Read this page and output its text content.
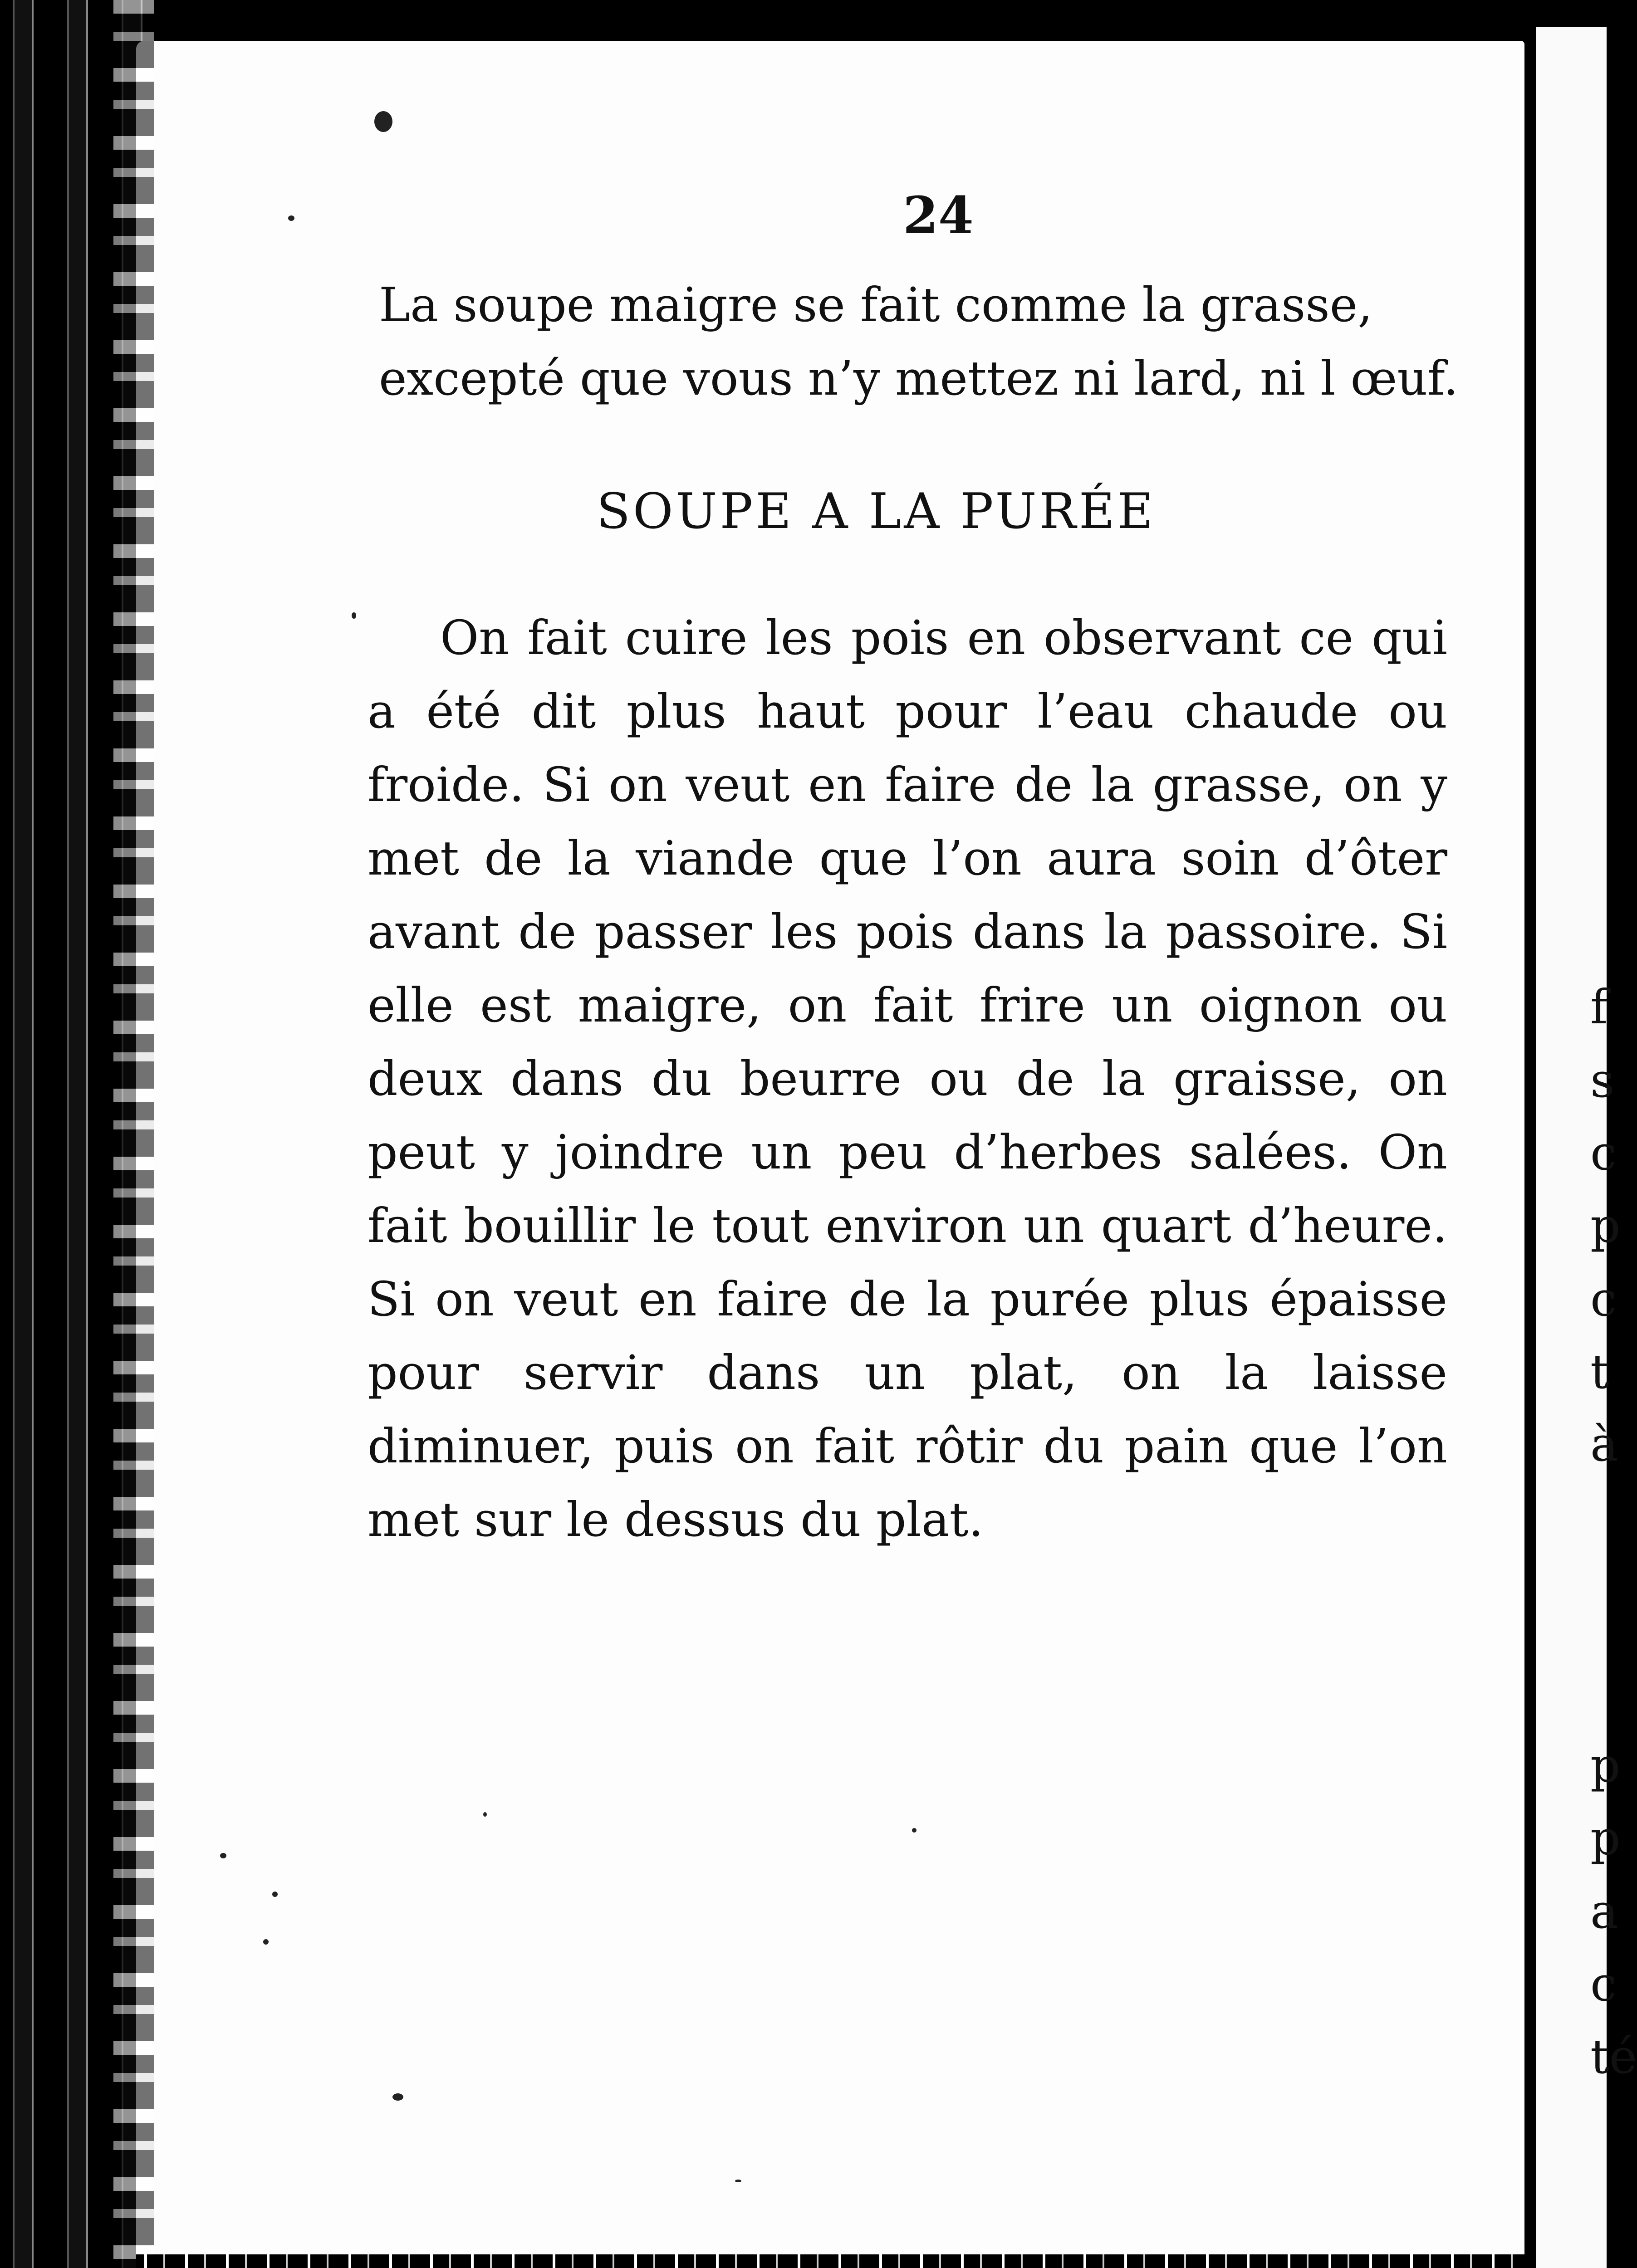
24
La soupe maigre se fait comme la grasse,
excepté que vous n’y mettez ni lard, ni l œuf.
SOUPE A LA PURÉE
On fait cuire les pois en observant ce qui a été dit plus haut pour l’eau chaude ou froide. Si on veut en faire de la grasse, on y met de la viande que l’on aura soin d’ôter avant de passer les pois dans la passoire. Si elle est maigre, on fait frire un oignon ou deux dans du beurre ou de la graisse, on peut y joindre un peu d’herbes salées. On fait bouillir le tout environ un quart d’heure. Si on veut en faire de la purée plus épaisse pour servir dans un plat, on la laisse diminuer, puis on fait rôtir du pain que l’on met sur le dessus du plat.
f
s
c
p
c
t
à
p
p
a
c
té
